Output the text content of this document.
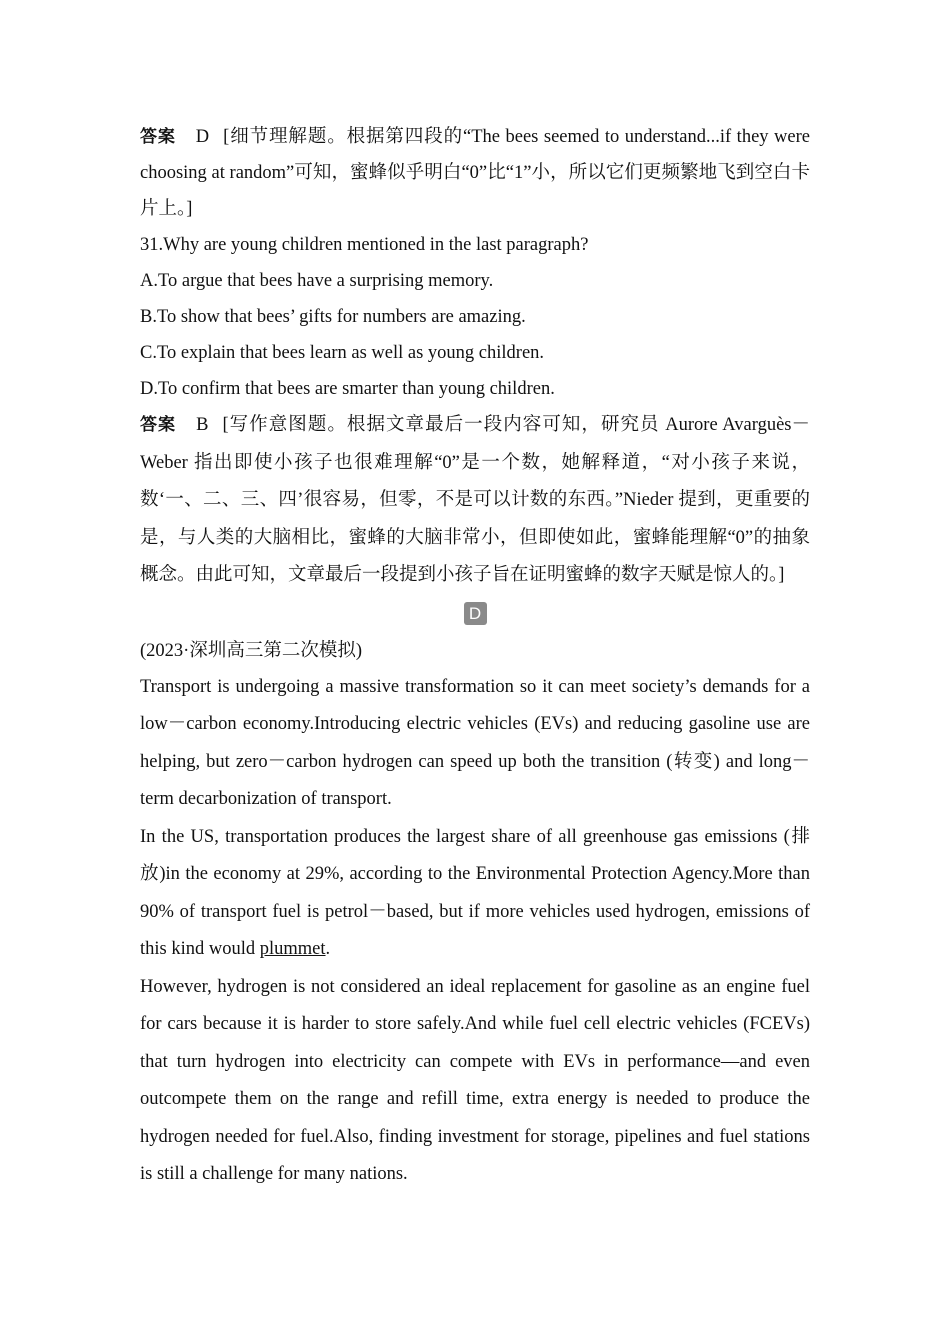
答案 D [细节理解题。根据第四段的“The bees seemed to understand...if they were choosing at random”可知，蜜蜂似乎明白“0”比“1”小，所以它们更频繁地飞到空白卡片上。]

31.Why are young children mentioned in the last paragraph?

A.To argue that bees have a surprising memory.

B.To show that bees’ gifts for numbers are amazing.

C.To explain that bees learn as well as young children.

D.To confirm that bees are smarter than young children.

答案 B [写作意图题。根据文章最后一段内容可知，研究员 Aurore Avarguès－Weber 指出即使小孩子也很难理解“0”是一个数，她解释道，“对小孩子来说，数‘一、二、三、四’很容易，但零，不是可以计数的东西。”Nieder 提到，更重要的是，与人类的大脑相比，蜜蜂的大脑非常小，但即使如此，蜜蜂能理解“0”的抽象概念。由此可知，文章最后一段提到小孩子旨在证明蜜蜂的数字天赋是惊人的。]

D

(2023·深圳高三第二次模拟)

Transport is undergoing a massive transformation so it can meet society’s demands for a low－carbon economy.Introducing electric vehicles (EVs) and reducing gasoline use are helping, but zero－carbon hydrogen can speed up both the transition (转变) and long－term decarbonization of transport.

In the US, transportation produces the largest share of all greenhouse gas emissions (排放)in the economy at 29%, according to the Environmental Protection Agency.More than 90% of transport fuel is petrol－based, but if more vehicles used hydrogen, emissions of this kind would plummet.

However, hydrogen is not considered an ideal replacement for gasoline as an engine fuel for cars because it is harder to store safely.And while fuel cell electric vehicles (FCEVs) that turn hydrogen into electricity can compete with EVs in performance—and even outcompete them on the range and refill time, extra energy is needed to produce the hydrogen needed for fuel.Also, finding investment for storage, pipelines and fuel stations is still a challenge for many nations.
